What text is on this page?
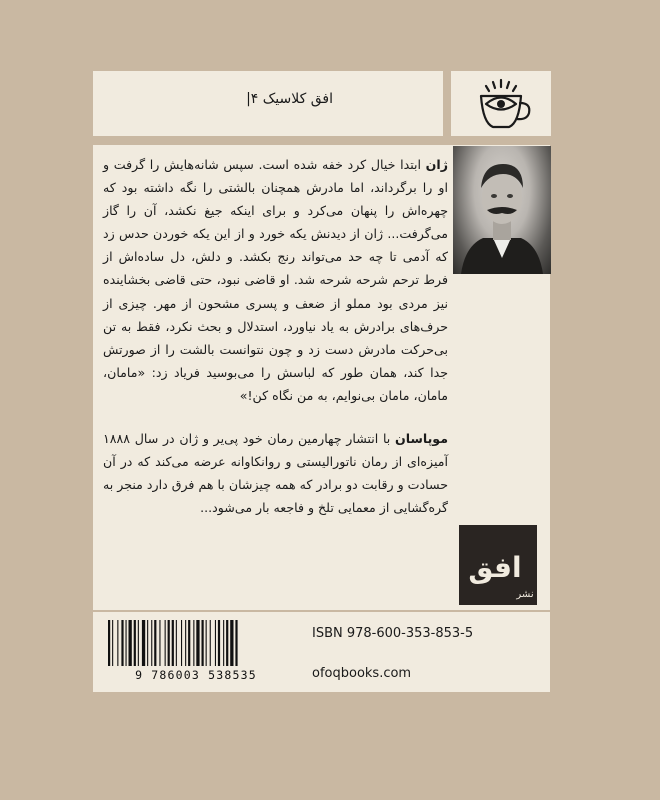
افق کلاسیک ۴|

ژان ابتدا خیال کرد خفه شده است. سپس شانه‌هایش را گرفت و او را برگرداند، اما مادرش همچنان بالشتی را نگه داشته بود که چهره‌اش را پنهان می‌کرد و برای اینکه جیغ نکشد، آن را گاز می‌گرفت... ژان از دیدنش یکه خورد و از این یکه خوردن حدس زد که آدمی تا چه حد می‌تواند رنج بکشد. و دلش، دل ساده‌اش از فرط ترحم شرحه شرحه شد. او قاضی نبود، حتی قاضی بخشاینده نیز مردی بود مملو از ضعف و پسری مشحون از مهر. چیزی از حرف‌های برادرش به یاد نیاورد، استدلال و بحث نکرد، فقط به تن بی‌حرکت مادرش دست زد و چون نتوانست بالشت را از صورتش جدا کند، همان طور که لباسش را می‌بوسید فریاد زد: «مامان، مامان، مامان بی‌نوایم، به من نگاه کن!»

موپاسان با انتشار چهارمین رمان خود پی‌یر و ژان در سال ۱۸۸۸ آمیزه‌ای از رمان ناتورالیستی و روانکاوانه عرضه می‌کند که در آن حسادت و رقابت دو برادر که همه چیزشان با هم فرق دارد منجر به گره‌گشایی از معمایی تلخ و فاجعه بار می‌شود...

افق
نشر
9 786003 538535
ISBN 978-600-353-853-5
ofoqbooks.com
